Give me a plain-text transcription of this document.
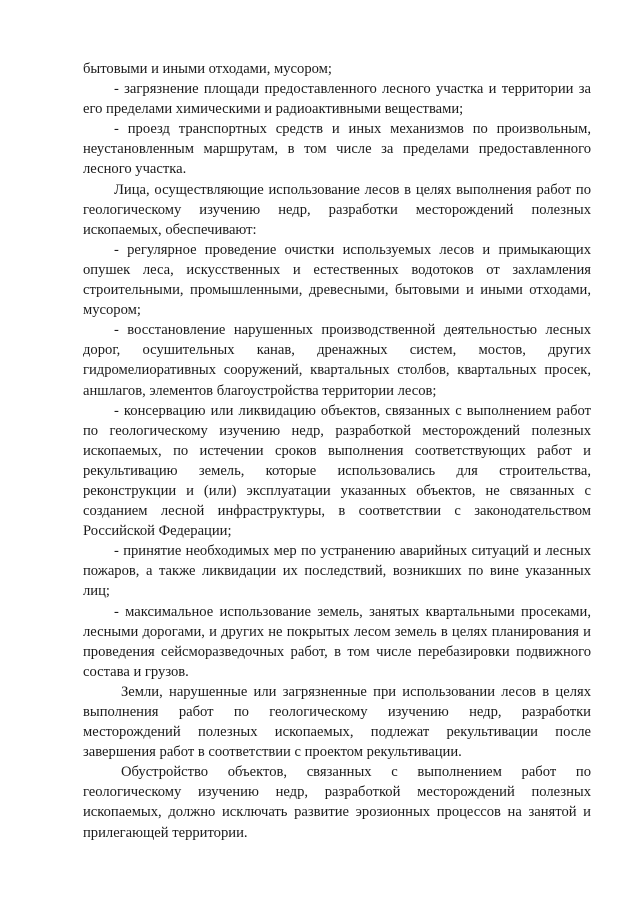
бытовыми и иными отходами, мусором;

- загрязнение площади предоставленного лесного участка и территории за его пределами химическими и радиоактивными веществами;

- проезд транспортных средств и иных механизмов по произвольным, неустановленным маршрутам, в том числе за пределами предоставленного лесного участка.

Лица, осуществляющие использование лесов в целях выполнения работ по геологическому изучению недр, разработки месторождений полезных ископаемых, обеспечивают:

- регулярное проведение очистки используемых лесов и примыкающих опушек леса, искусственных и естественных водотоков от захламления строительными, промышленными, древесными, бытовыми и иными отходами, мусором;

- восстановление нарушенных производственной деятельностью лесных дорог, осушительных канав, дренажных систем, мостов, других гидромелиоративных сооружений, квартальных столбов, квартальных просек, аншлагов, элементов благоустройства территории лесов;

- консервацию или ликвидацию объектов, связанных с выполнением работ по геологическому изучению недр, разработкой месторождений полезных ископаемых, по истечении сроков выполнения соответствующих работ и рекультивацию земель, которые использовались для строительства, реконструкции и (или) эксплуатации указанных объектов, не связанных с созданием лесной инфраструктуры, в соответствии с законодательством Российской Федерации;

- принятие необходимых мер по устранению аварийных ситуаций и лесных пожаров, а также ликвидации их последствий, возникших по вине указанных лиц;

- максимальное использование земель, занятых квартальными просеками, лесными дорогами, и других не покрытых лесом земель в целях планирования и проведения сейсморазведочных работ, в том числе перебазировки подвижного состава и грузов.

Земли, нарушенные или загрязненные при использовании лесов в целях выполнения работ по геологическому изучению недр, разработки месторождений полезных ископаемых, подлежат рекультивации после завершения работ в соответствии с проектом рекультивации.

Обустройство объектов, связанных с выполнением работ по геологическому изучению недр, разработкой месторождений полезных ископаемых, должно исключать развитие эрозионных процессов на занятой и прилегающей территории.
